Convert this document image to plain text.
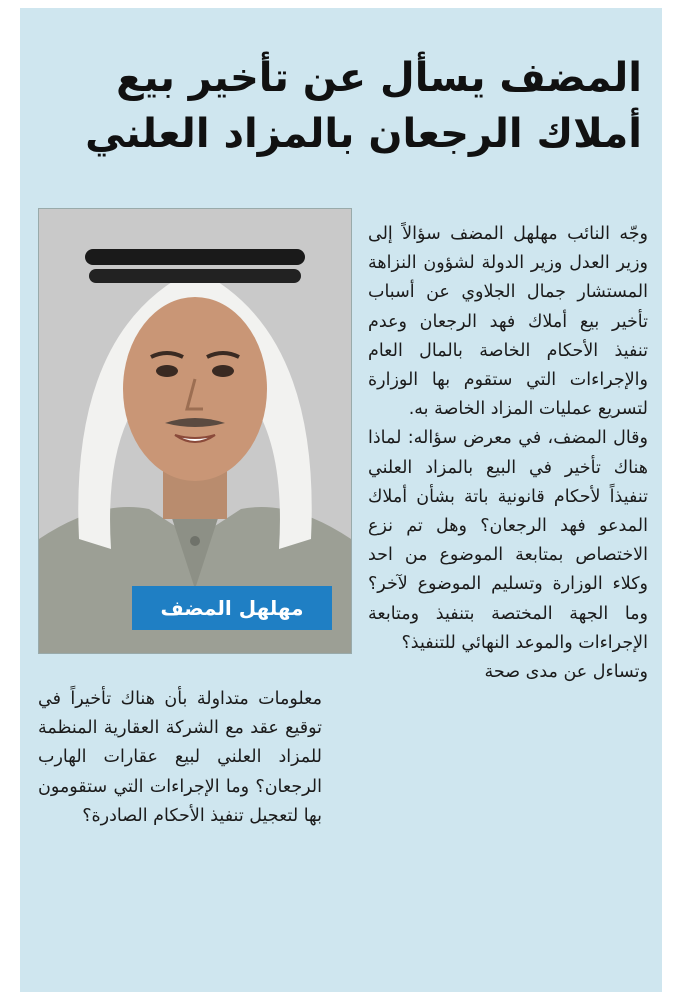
المضف يسأل عن تأخير بيع
أملاك الرجعان بالمزاد العلني

وجّه النائب مهلهل المضف سؤالاً إلى وزير العدل وزير الدولة لشؤون النزاهة المستشار جمال الجلاوي عن أسباب تأخير بيع أملاك فهد الرجعان وعدم تنفيذ الأحكام الخاصة بالمال العام والإجراءات التي ستقوم بها الوزارة لتسريع عمليات المزاد الخاصة به.
وقال المضف، في معرض سؤاله: لماذا هناك تأخير في البيع بالمزاد العلني تنفيذاً لأحكام قانونية باتة بشأن أملاك المدعو فهد الرجعان؟ وهل تم نزع الاختصاص بمتابعة الموضوع من احد وكلاء الوزارة وتسليم الموضوع لآخر؟ وما الجهة المختصة بتنفيذ ومتابعة الإجراءات والموعد النهائي للتنفيذ؟
وتساءل عن مدى صحة

مهلهل المضف

معلومات متداولة بأن هناك تأخيراً في توقيع عقد مع الشركة العقارية المنظمة للمزاد العلني لبيع عقارات الهارب الرجعان؟ وما الإجراءات التي ستقومون بها لتعجيل تنفيذ الأحكام الصادرة؟
